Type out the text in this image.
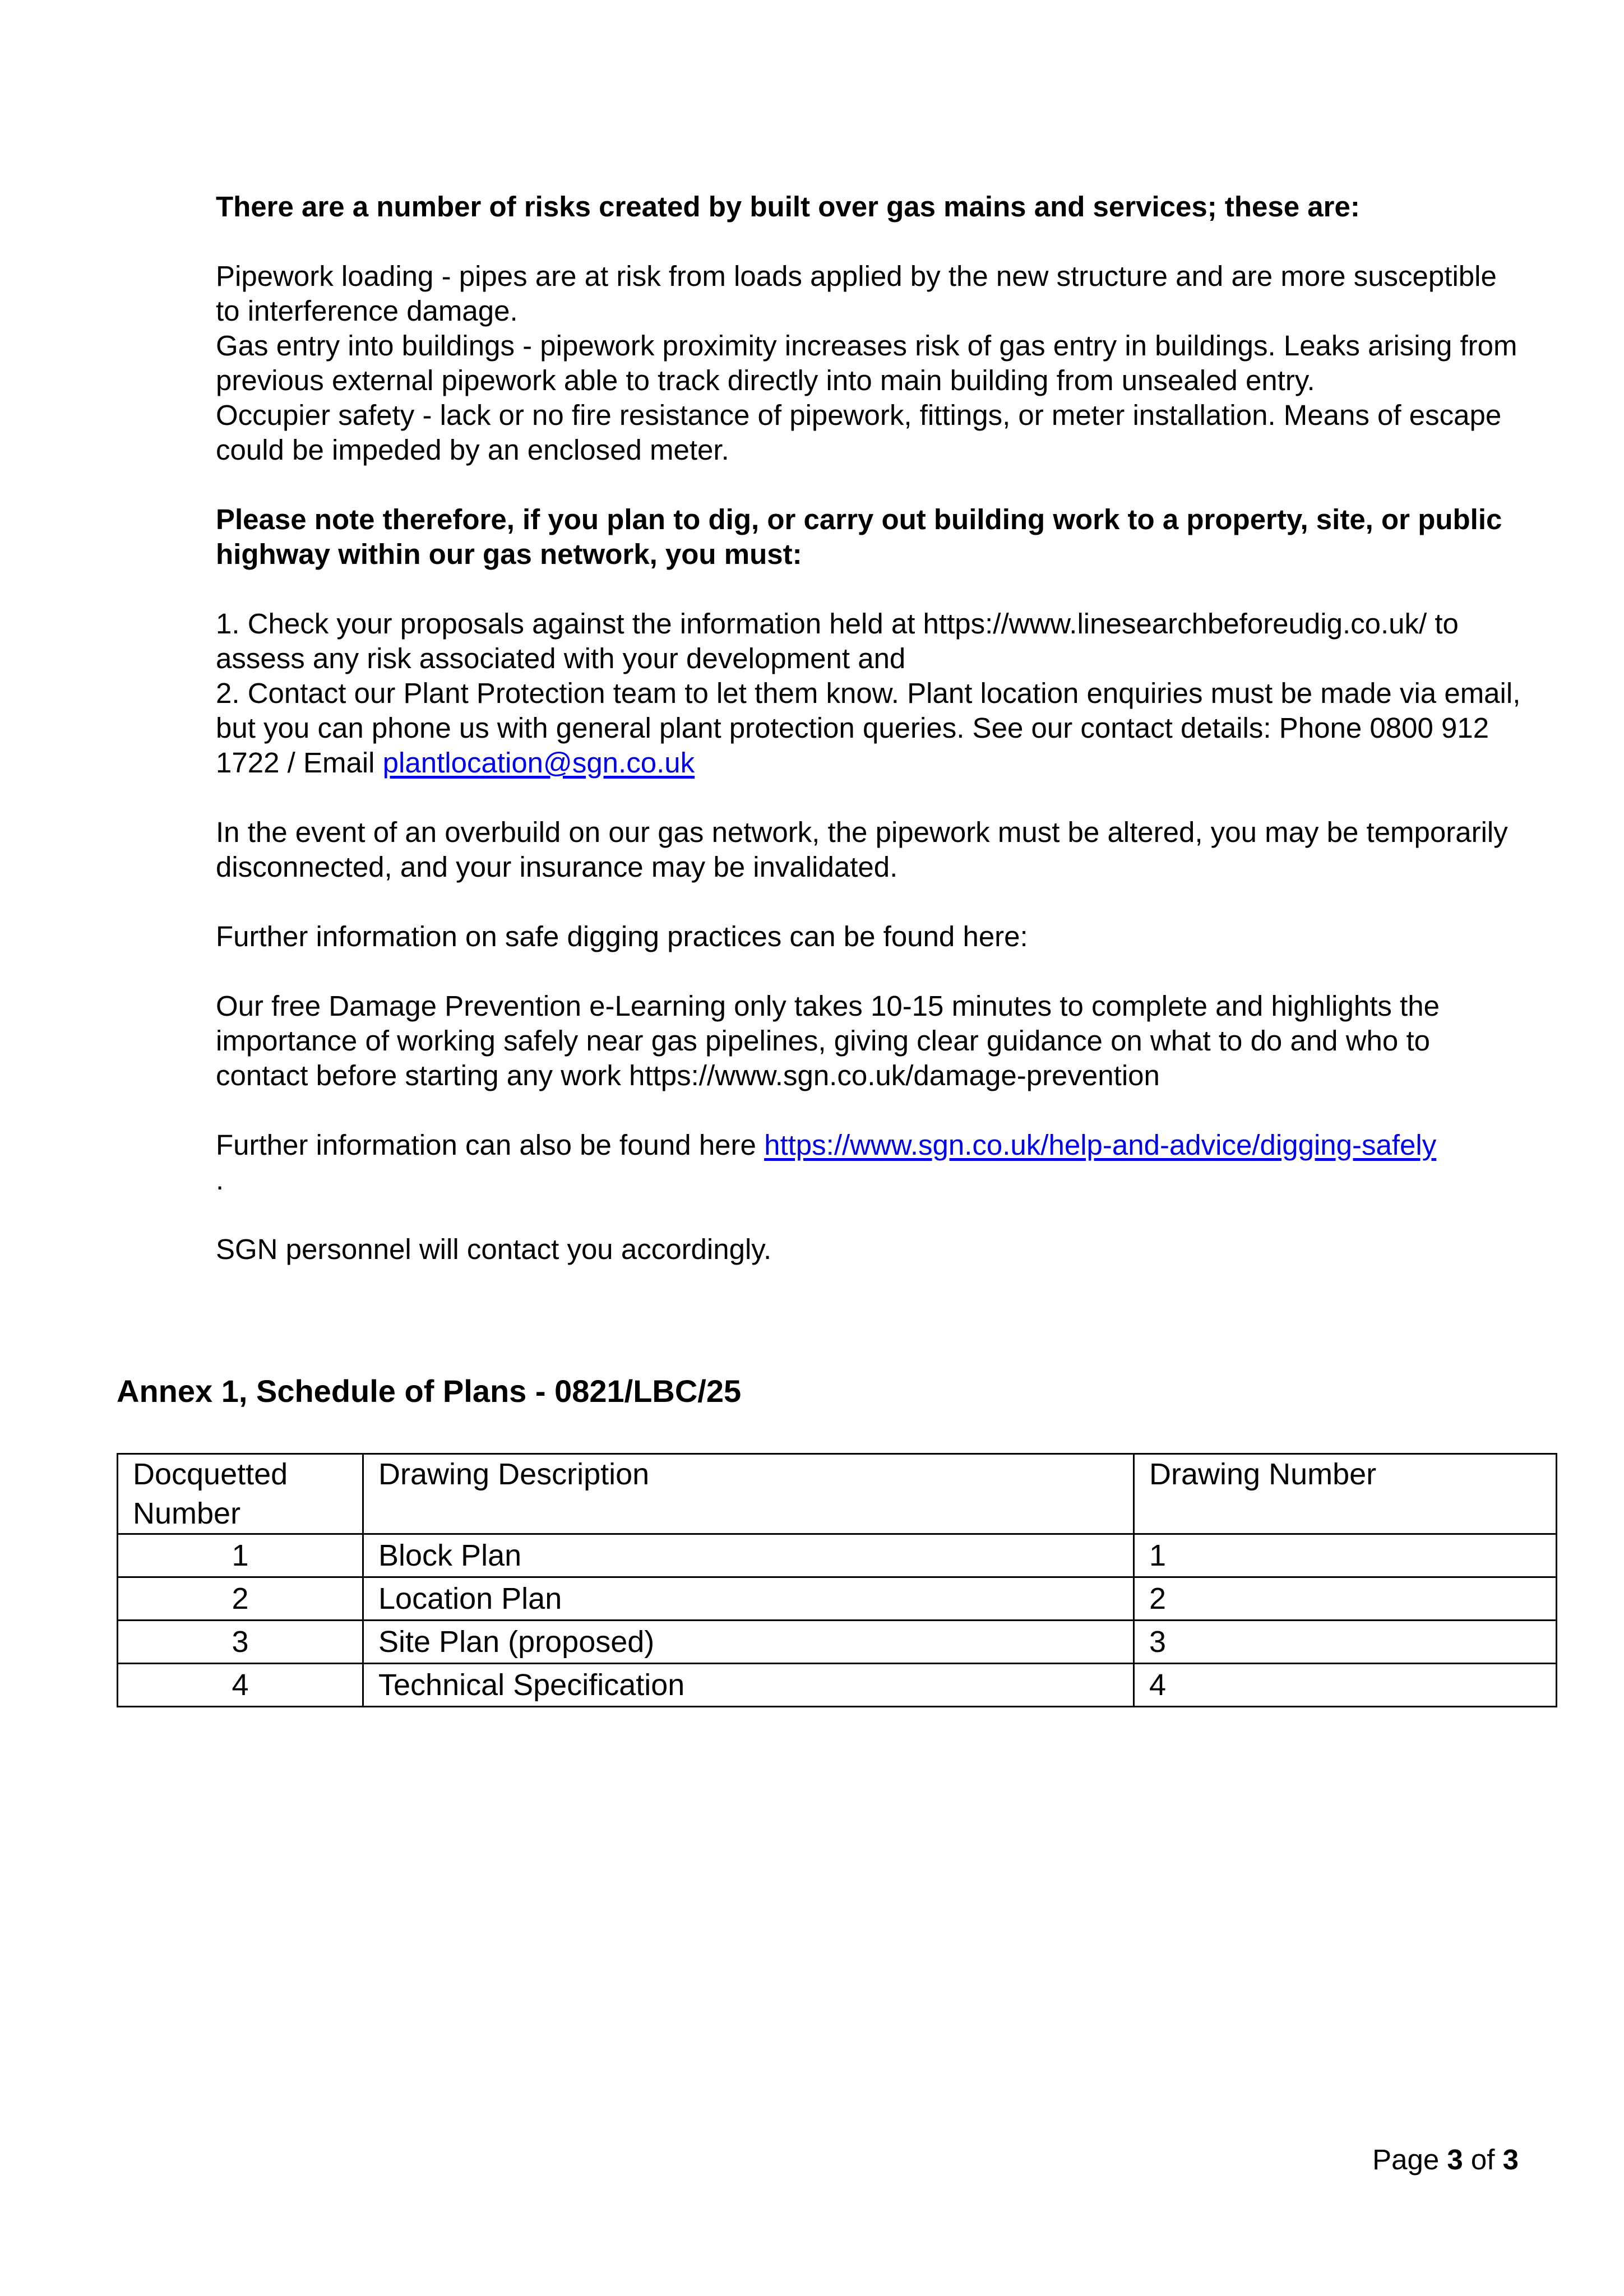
There are a number of risks created by built over gas mains and services; these are:

Pipework loading - pipes are at risk from loads applied by the new structure and are more susceptible to interference damage.

Gas entry into buildings - pipework proximity increases risk of gas entry in buildings. Leaks arising from previous external pipework able to track directly into main building from unsealed entry.

Occupier safety - lack or no fire resistance of pipework, fittings, or meter installation. Means of escape could be impeded by an enclosed meter.

Please note therefore, if you plan to dig, or carry out building work to a property, site, or public highway within our gas network, you must:

1. Check your proposals against the information held at https://www.linesearchbeforeudig.co.uk/ to assess any risk associated with your development and

2. Contact our Plant Protection team to let them know. Plant location enquiries must be made via email, but you can phone us with general plant protection queries. See our contact details: Phone 0800 912 1722 / Email plantlocation@sgn.co.uk

In the event of an overbuild on our gas network, the pipework must be altered, you may be temporarily disconnected, and your insurance may be invalidated.

Further information on safe digging practices can be found here:

Our free Damage Prevention e-Learning only takes 10-15 minutes to complete and highlights the importance of working safely near gas pipelines, giving clear guidance on what to do and who to contact before starting any work https://www.sgn.co.uk/damage-prevention

Further information can also be found here https://www.sgn.co.uk/help-and-advice/digging-safely
.

SGN personnel will contact you accordingly.

Annex 1, Schedule of Plans - 0821/LBC/25
Docquetted Number	Drawing Description	Drawing Number
1	Block Plan	1
2	Location Plan	2
3	Site Plan (proposed)	3
4	Technical Specification	4
Page 3 of 3
